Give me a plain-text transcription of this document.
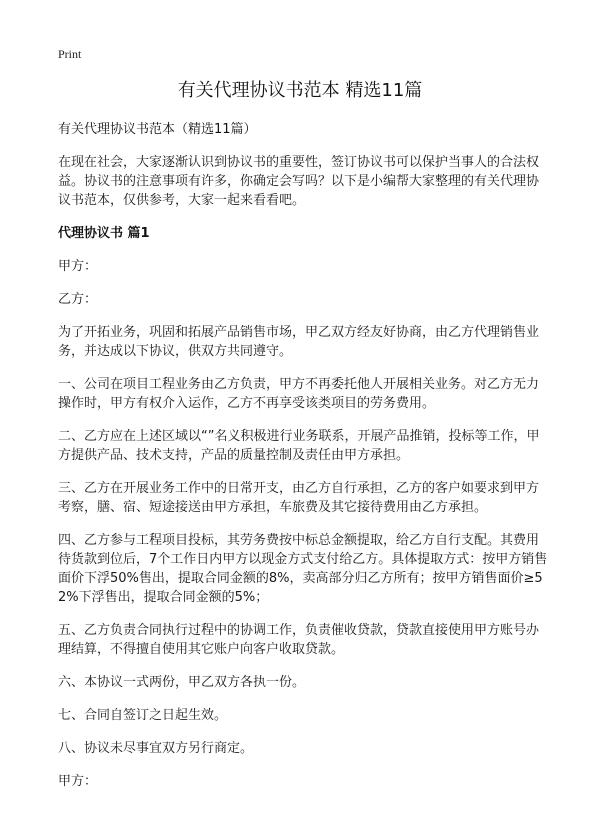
Print
有关代理协议书范本 精选11篇

有关代理协议书范本（精选11篇）

在现在社会，大家逐渐认识到协议书的重要性，签订协议书可以保护当事人的合法权益。协议书的注意事项有许多，你确定会写吗？以下是小编帮大家整理的有关代理协议书范本，仅供参考，大家一起来看看吧。

代理协议书 篇1

甲方：

乙方：

为了开拓业务，巩固和拓展产品销售市场，甲乙双方经友好协商，由乙方代理销售业务，并达成以下协议，供双方共同遵守。

一、公司在项目工程业务由乙方负责，甲方不再委托他人开展相关业务。对乙方无力操作时，甲方有权介入运作，乙方不再享受该类项目的劳务费用。

二、乙方应在上述区域以“”名义积极进行业务联系，开展产品推销，投标等工作，甲方提供产品、技术支持，产品的质量控制及责任由甲方承担。

三、乙方在开展业务工作中的日常开支，由乙方自行承担，乙方的客户如要求到甲方考察，膳、宿、短途接送由甲方承担，车旅费及其它接待费用由乙方承担。

四、乙方参与工程项目投标，其劳务费按中标总金额提取，给乙方自行支配。其费用待货款到位后，7个工作日内甲方以现金方式支付给乙方。具体提取方式：按甲方销售面价下浮50%售出，提取合同金额的8%，卖高部分归乙方所有；按甲方销售面价≥52%下浮售出，提取合同金额的5%；

五、乙方负责合同执行过程中的协调工作，负责催收贷款，贷款直接使用甲方账号办理结算，不得擅自使用其它账户向客户收取贷款。

六、本协议一式两份，甲乙双方各执一份。

七、合同自签订之日起生效。

八、协议未尽事宜双方另行商定。

甲方：
